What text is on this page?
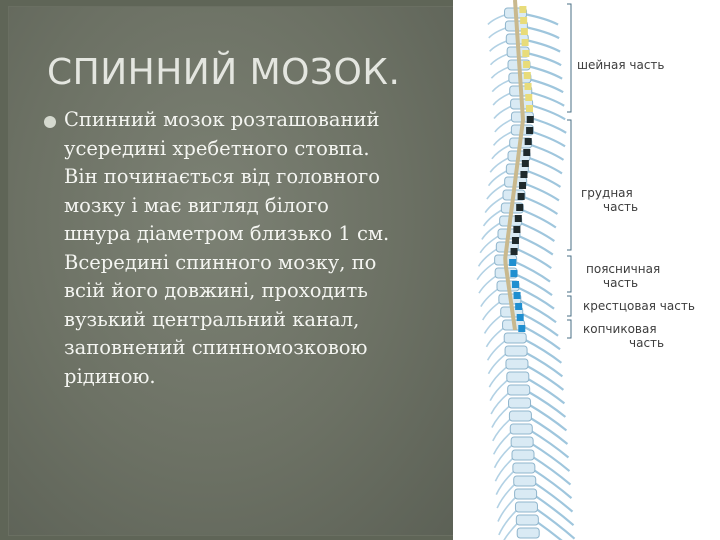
СПИННИЙ МОЗОК.
Спинний мозок розташований усередині хребетного стовпа. Він починається від головного мозку і має вигляд білого шнура діаметром близько 1 см. Всередині спинного мозку, по всій його довжині, проходить вузький центральний канал, заповнений спинномозковою рідиною.
шейная часть
грудная
часть
поясничная
часть
крестцовая часть
копчиковая
часть
